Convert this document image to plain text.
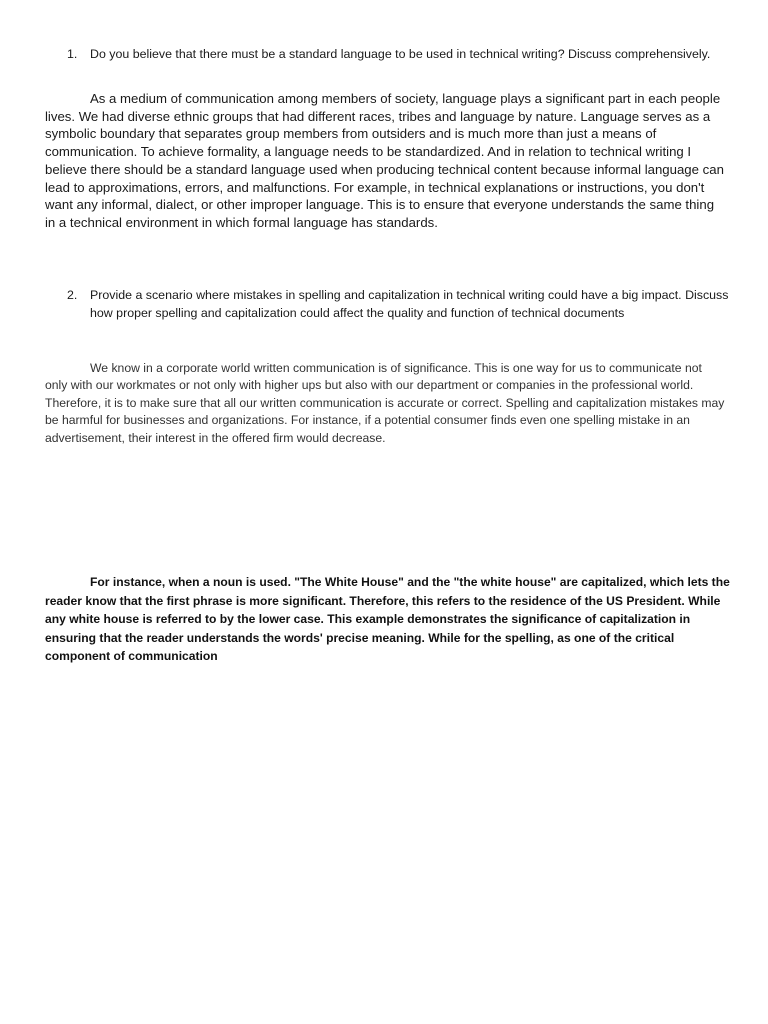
1. Do you believe that there must be a standard language to be used in technical writing? Discuss comprehensively.

As a medium of communication among members of society, language plays a significant part in each people lives. We had diverse ethnic groups that had different races, tribes and language by nature. Language serves as a symbolic boundary that separates group members from outsiders and is much more than just a means of communication. To achieve formality, a language needs to be standardized. And in relation to technical writing I believe there should be a standard language used when producing technical content because informal language can lead to approximations, errors, and malfunctions. For example, in technical explanations or instructions, you don't want any informal, dialect, or other improper language. This is to ensure that everyone understands the same thing in a technical environment in which formal language has standards.

2. Provide a scenario where mistakes in spelling and capitalization in technical writing could have a big impact. Discuss how proper spelling and capitalization could affect the quality and function of technical documents

We know in a corporate world written communication is of significance. This is one way for us to communicate not only with our workmates or not only with higher ups but also with our department or companies in the professional world. Therefore, it is to make sure that all our written communication is accurate or correct. Spelling and capitalization mistakes may be harmful for businesses and organizations. For instance, if a potential consumer finds even one spelling mistake in an advertisement, their interest in the offered firm would decrease.

For instance, when a noun is used. "The White House" and the "the white house" are capitalized, which lets the reader know that the first phrase is more significant. Therefore, this refers to the residence of the US President. While any white house is referred to by the lower case. This example demonstrates the significance of capitalization in ensuring that the reader understands the words' precise meaning. While for the spelling, as one of the critical component of communication
